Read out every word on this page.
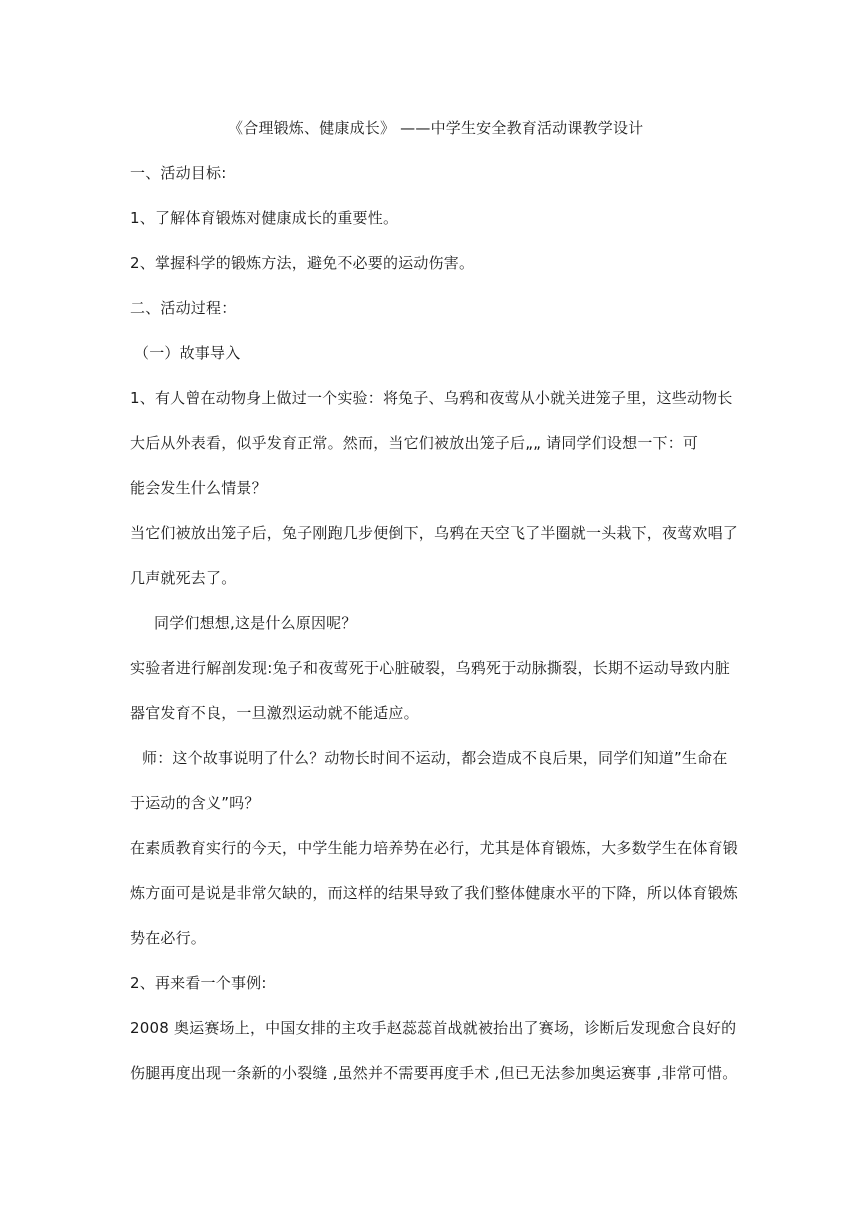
《合理锻炼、健康成长》 ——中学生安全教育活动课教学设计
一、活动目标:
1、了解体育锻炼对健康成长的重要性。
2、掌握科学的锻炼方法，避免不必要的运动伤害。
二、活动过程：
（一）故事导入
1、有人曾在动物身上做过一个实验：将兔子、乌鸦和夜莺从小就关进笼子里，这些动物长
大后从外表看，似乎发育正常。然而，当它们被放出笼子后„„ 请同学们设想一下：可
能会发生什么情景？
当它们被放出笼子后，兔子刚跑几步便倒下，乌鸦在天空飞了半圈就一头栽下，夜莺欢唱了
几声就死去了。
同学们想想,这是什么原因呢？
实验者进行解剖发现:兔子和夜莺死于心脏破裂，乌鸦死于动脉撕裂，长期不运动导致内脏
器官发育不良，一旦激烈运动就不能适应。
师：这个故事说明了什么？动物长时间不运动，都会造成不良后果，同学们知道”生命在
于运动的含义”吗？
在素质教育实行的今天，中学生能力培养势在必行，尤其是体育锻炼，大多数学生在体育锻
炼方面可是说是非常欠缺的，而这样的结果导致了我们整体健康水平的下降，所以体育锻炼
势在必行。
2、再来看一个事例:
2008 奥运赛场上，中国女排的主攻手赵蕊蕊首战就被抬出了赛场，诊断后发现愈合良好的
伤腿再度出现一条新的小裂缝 ,虽然并不需要再度手术 ,但已无法参加奥运赛事 ,非常可惜。
